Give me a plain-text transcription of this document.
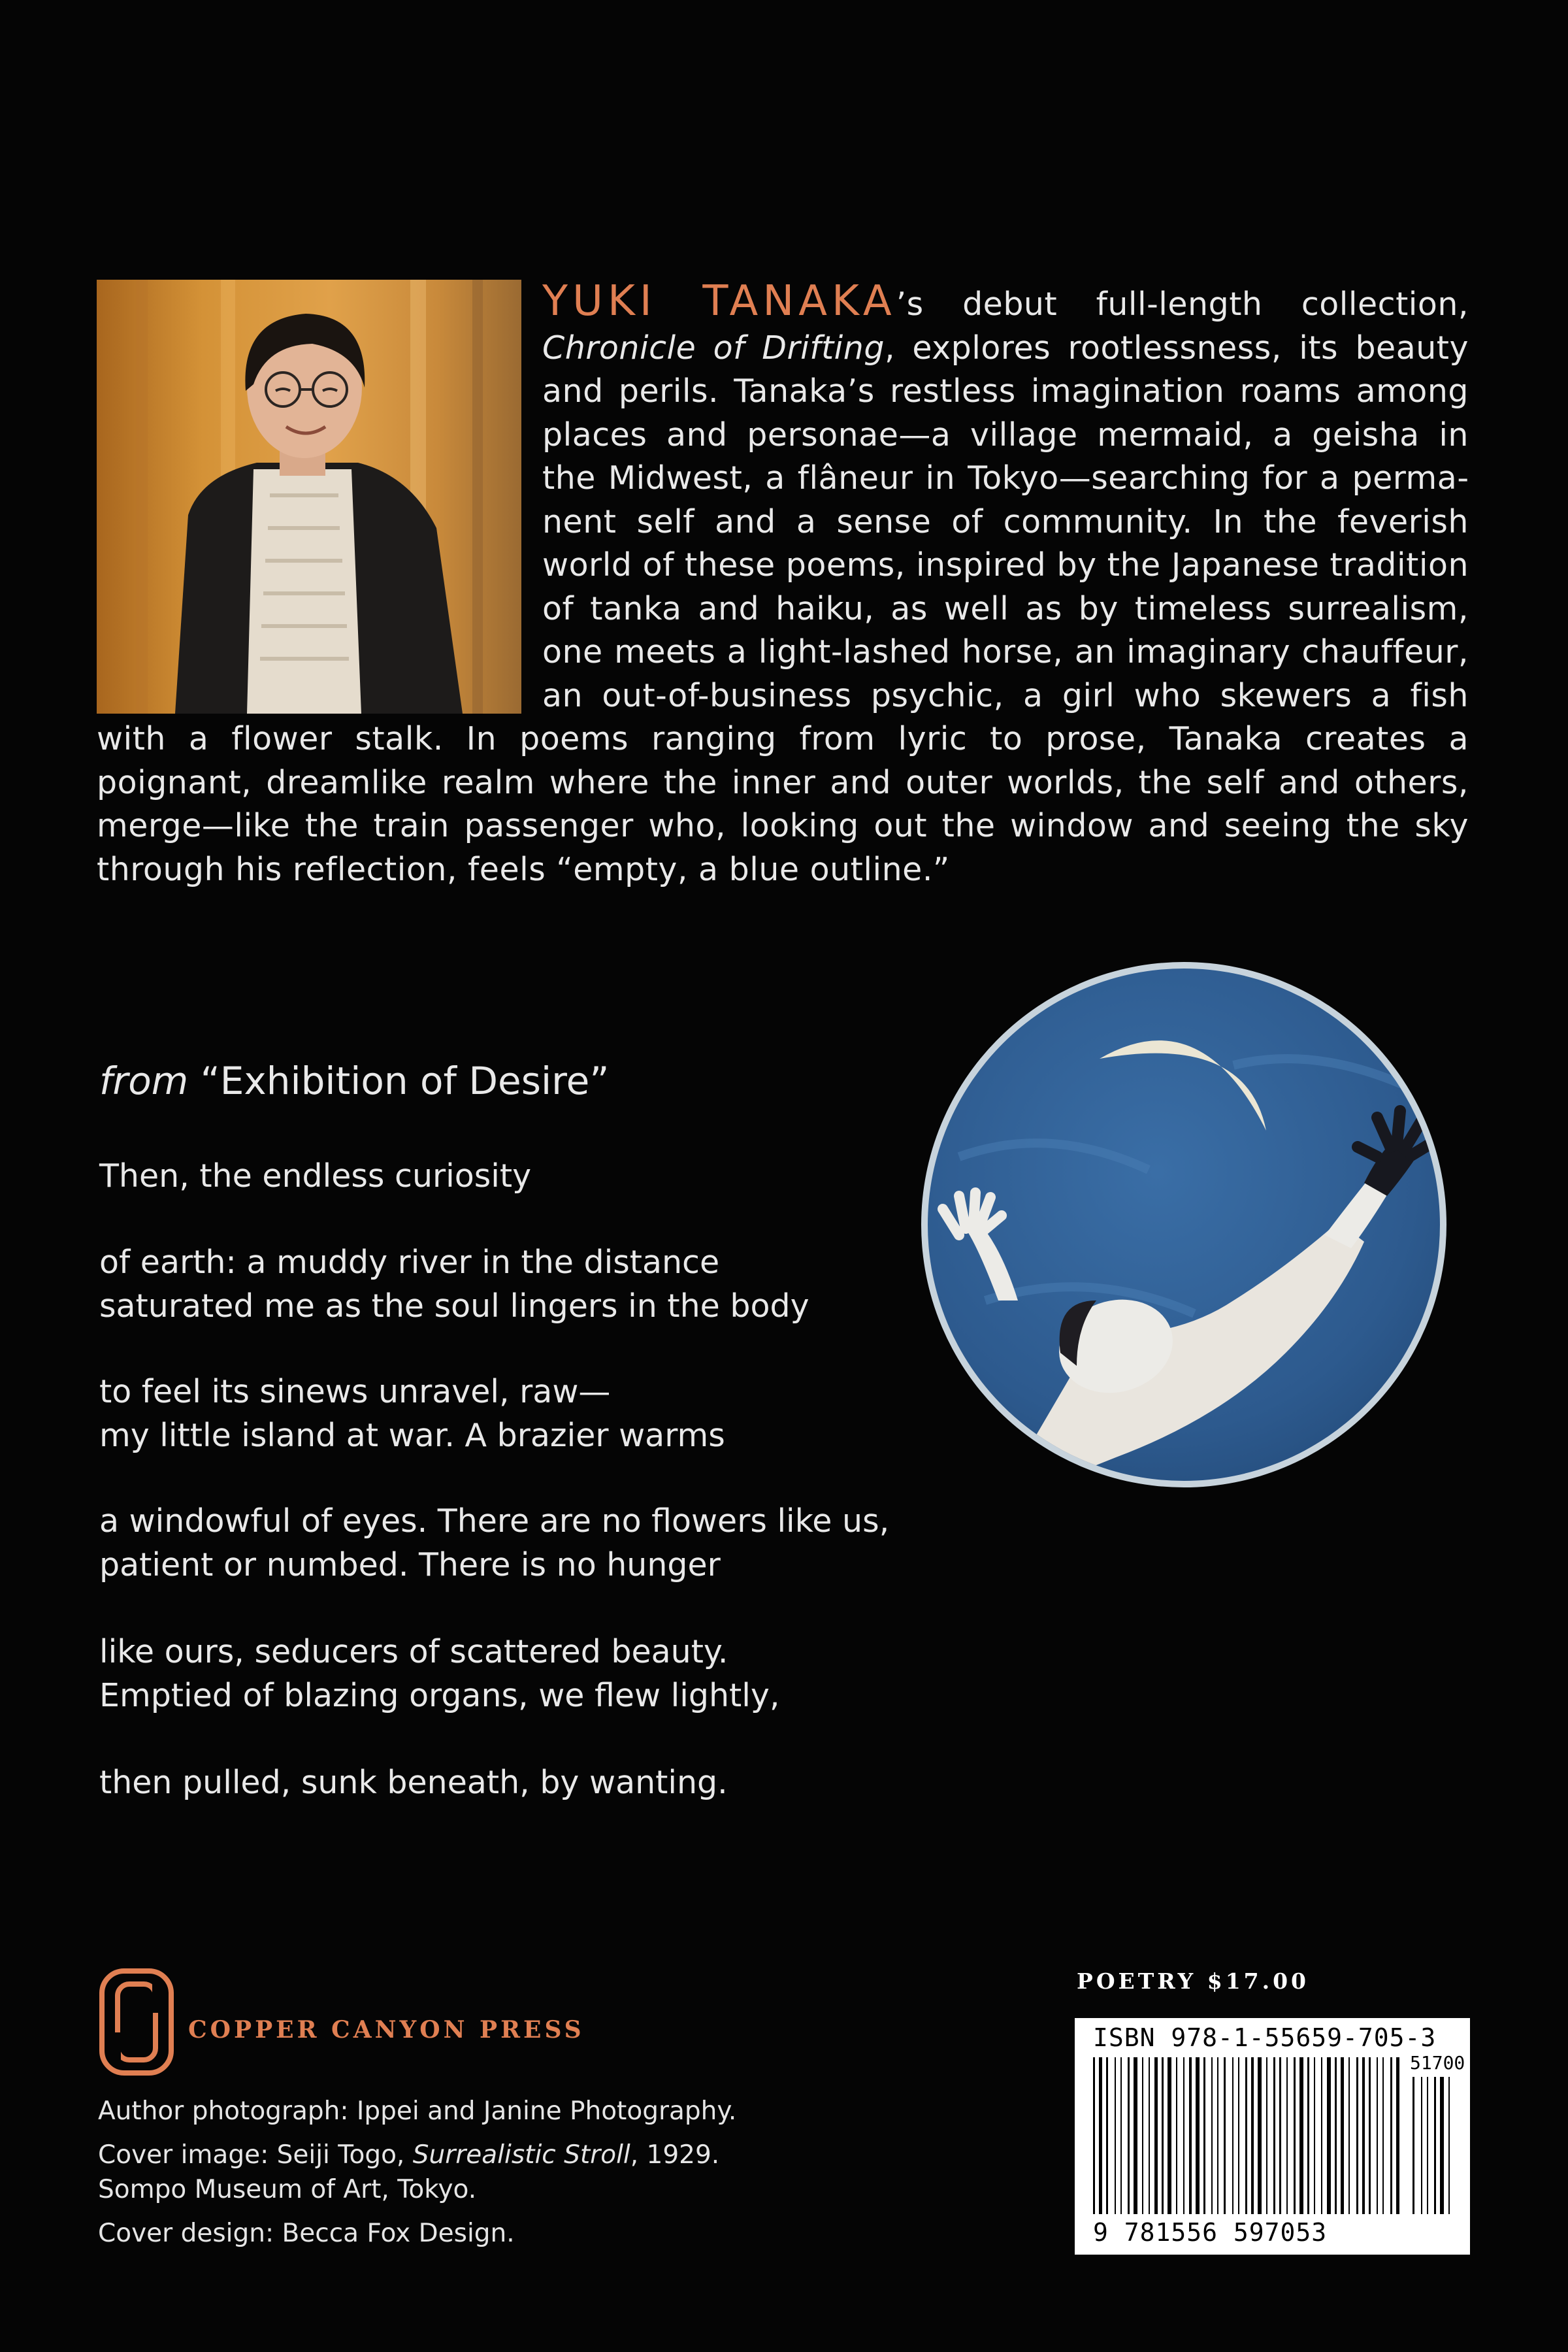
YUKI TANAKA’s debut full-length collection, Chronicle of Drifting, explores rootlessness, its beauty and perils. Tanaka’s restless imagination roams among places and personae—a village mermaid, a geisha in the Midwest, a flâneur in Tokyo—searching for a permanent self and a sense of community. In the feverish world of these poems, inspired by the Japanese tradition of tanka and haiku, as well as by timeless surrealism, one meets a light-lashed horse, an imaginary chauffeur, an out-of-business psychic, a girl who skewers a fish with a flower stalk. In poems ranging from lyric to prose, Tanaka creates a poignant, dreamlike realm where the inner and outer worlds, the self and others, merge—like the train passenger who, looking out the window and seeing the sky through his reflection, feels “empty, a blue outline.”

from “Exhibition of Desire”
Then, the endless curiosity
of earth: a muddy river in the distance
saturated me as the soul lingers in the body
to feel its sinews unravel, raw—
my little island at war. A brazier warms
a windowful of eyes. There are no flowers like us,
patient or numbed. There is no hunger
like ours, seducers of scattered beauty.
Emptied of blazing organs, we flew lightly,
then pulled, sunk beneath, by wanting.
COPPER CANYON PRESS
Author photograph: Ippei and Janine Photography.
Cover image: Seiji Togo, Surrealistic Stroll, 1929.
Sompo Museum of Art, Tokyo.
Cover design: Becca Fox Design.
POETRY $17.00
ISBN 978-1-55659-705-3
51700
9 781556 597053
